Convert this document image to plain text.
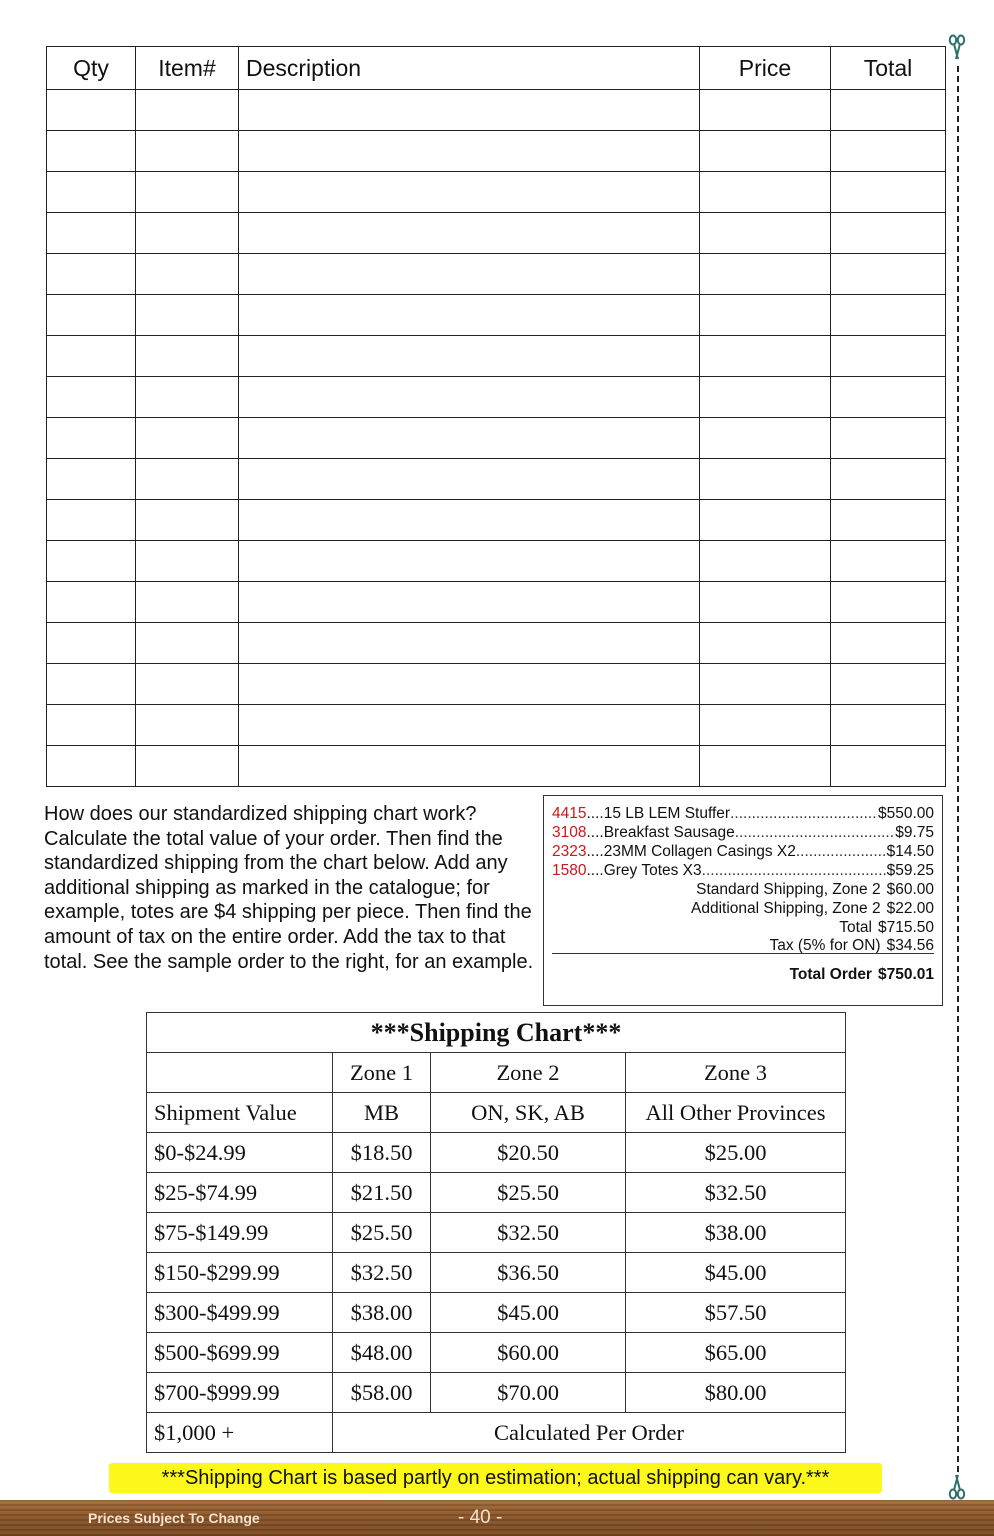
Qty	Item#	Description	Price	Total

How does our standardized shipping chart work? Calculate the total value of your order. Then find the standardized shipping from the chart below. Add any additional shipping as marked in the catalogue; for example, totes are $4 shipping per piece. Then find the amount of tax on the entire order. Add the tax to that total. See the sample order to the right, for an example.

4415 .... 15 LB LEM Stuffer .....	$550.00
3108 .... Breakfast Sausage .....	$9.75
2323 .... 23MM Collagen Casings X2 .....	$14.50
1580 .... Grey Totes X3 .....	$59.25
Standard Shipping, Zone 2 $60.00
Additional Shipping, Zone 2 $22.00
Total $715.50
Tax (5% for ON) $34.56
Total Order $750.01
***Shipping Chart***			
	Zone 1	Zone 2	Zone 3
Shipment Value	MB	ON, SK, AB	All Other Provinces
$0-$24.99	$18.50	$20.50	$25.00
$25-$74.99	$21.50	$25.50	$32.50
$75-$149.99	$25.50	$32.50	$38.00
$150-$299.99	$32.50	$36.50	$45.00
$300-$499.99	$38.00	$45.00	$57.50
$500-$699.99	$48.00	$60.00	$65.00
$700-$999.99	$58.00	$70.00	$80.00
$1,000 +	Calculated Per Order		
***Shipping Chart is based partly on estimation; actual shipping can vary.***
Prices Subject To Change	- 40 -
